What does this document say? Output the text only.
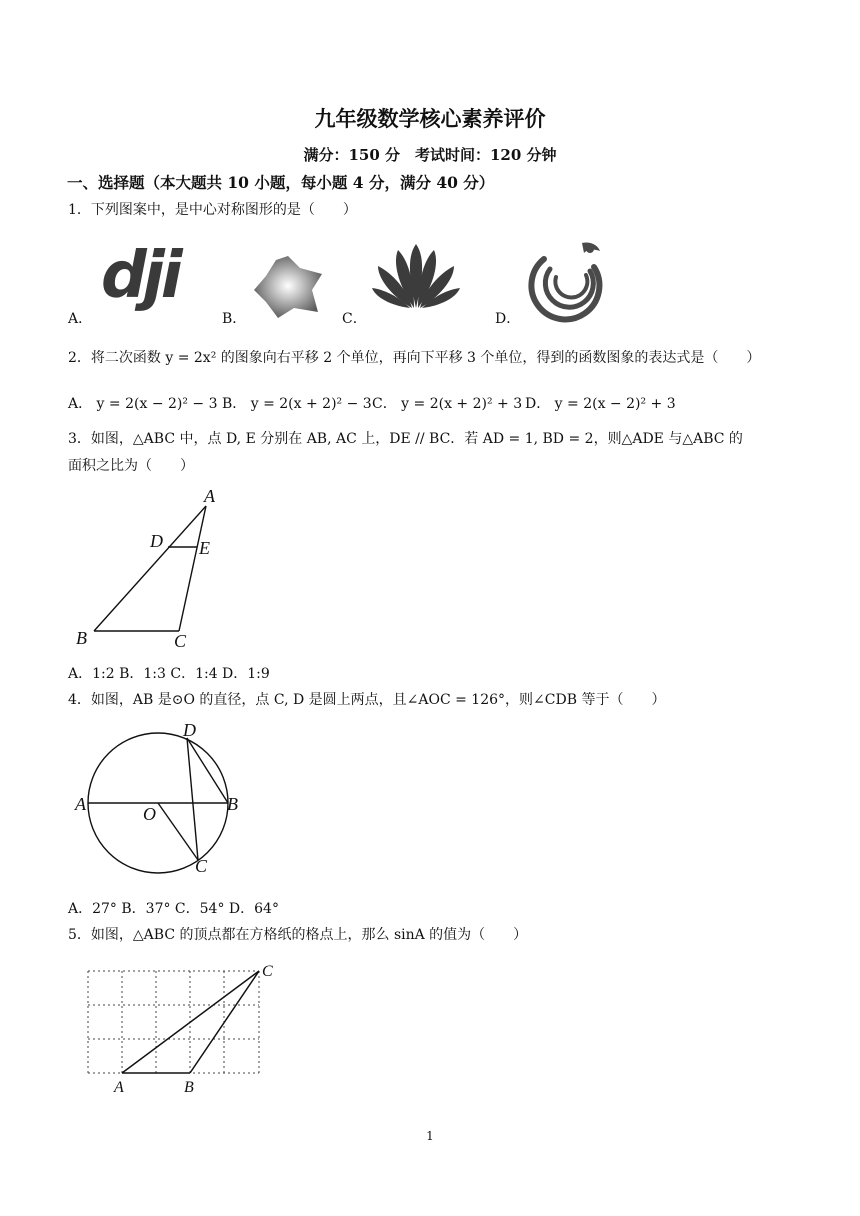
九年级数学核心素养评价
满分：150 分　考试时间：120 分钟
一、选择题（本大题共 10 小题，每小题 4 分，满分 40 分）
1．下列图案中，是中心对称图形的是（　　）
dji
A．	B．	C．	D．
2．将二次函数 y = 2x² 的图象向右平移 2 个单位，再向下平移 3 个单位，得到的函数图象的表达式是（　　）
A． y = 2(x − 2)² − 3 B． y = 2(x + 2)² − 3 C． y = 2(x + 2)² + 3 D． y = 2(x − 2)² + 3
3．如图，△ABC 中，点 D, E 分别在 AB, AC 上，DE // BC．若 AD = 1, BD = 2，则△ADE 与△ABC 的
面积之比为（　　）
A
D E
B	C
A．1:2 B．1:3 C．1:4 D．1:9
4．如图，AB 是⊙O 的直径，点 C, D 是圆上两点，且∠AOC = 126°，则∠CDB 等于（　　）
D
A	O	B
C
A．27° B．37° C．54° D．64°
5．如图，△ABC 的顶点都在方格纸的格点上，那么 sinA 的值为（　　）
C
A	B
1
